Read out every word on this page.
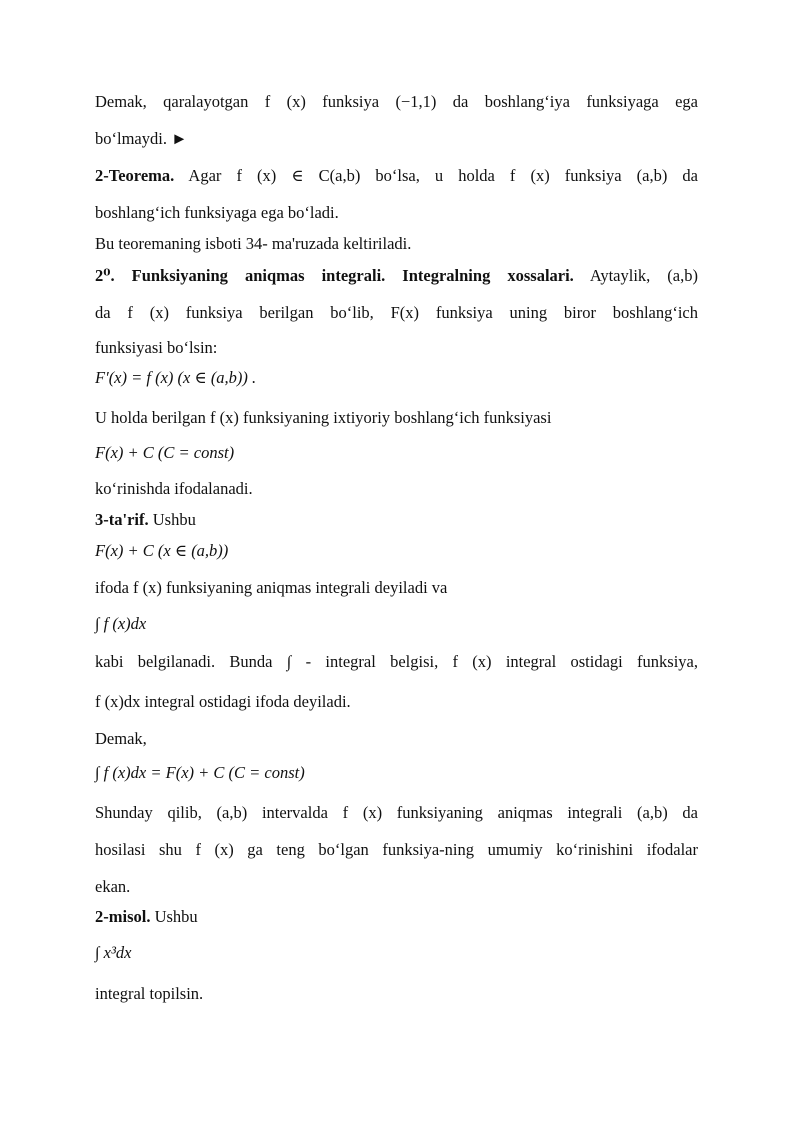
Demak, qaralayotgan f (x) funksiya (−1,1) da boshlang‘iya funksiyaga ega
bo‘lmaydi. ►
2-Teorema. Agar f (x) ∈ C(a,b) bo‘lsa, u holda f (x) funksiya (a,b) da
boshlang‘ich funksiyaga ega bo‘ladi.
Bu teoremaning isboti 34- ma'ruzada keltiriladi.
2⁰. Funksiyaning aniqmas integrali. Integralning xossalari. Aytaylik, (a,b)
da f (x) funksiya berilgan bo‘lib, F(x) funksiya uning biror boshlang‘ich
funksiyasi bo‘lsin:
F′(x) = f (x) (x ∈ (a,b)) .
U holda berilgan f (x) funksiyaning ixtiyoriy boshlang‘ich funksiyasi
F(x) + C (C = const)
ko‘rinishda ifodalanadi.
3-ta'rif. Ushbu
F(x) + C (x ∈ (a,b))
ifoda f (x) funksiyaning aniqmas integrali deyiladi va
∫ f (x)dx
kabi belgilanadi. Bunda ∫ - integral belgisi, f (x) integral ostidagi funksiya,
f (x)dx integral ostidagi ifoda deyiladi.
Demak,
∫ f (x)dx = F(x) + C (C = const)
Shunday qilib, (a,b) intervalda f (x) funksiyaning aniqmas integrali (a,b) da
hosilasi shu f (x) ga teng bo‘lgan funksiya-ning umumiy ko‘rinishini ifodalar
ekan.
2-misol. Ushbu
∫ x³dx
integral topilsin.
